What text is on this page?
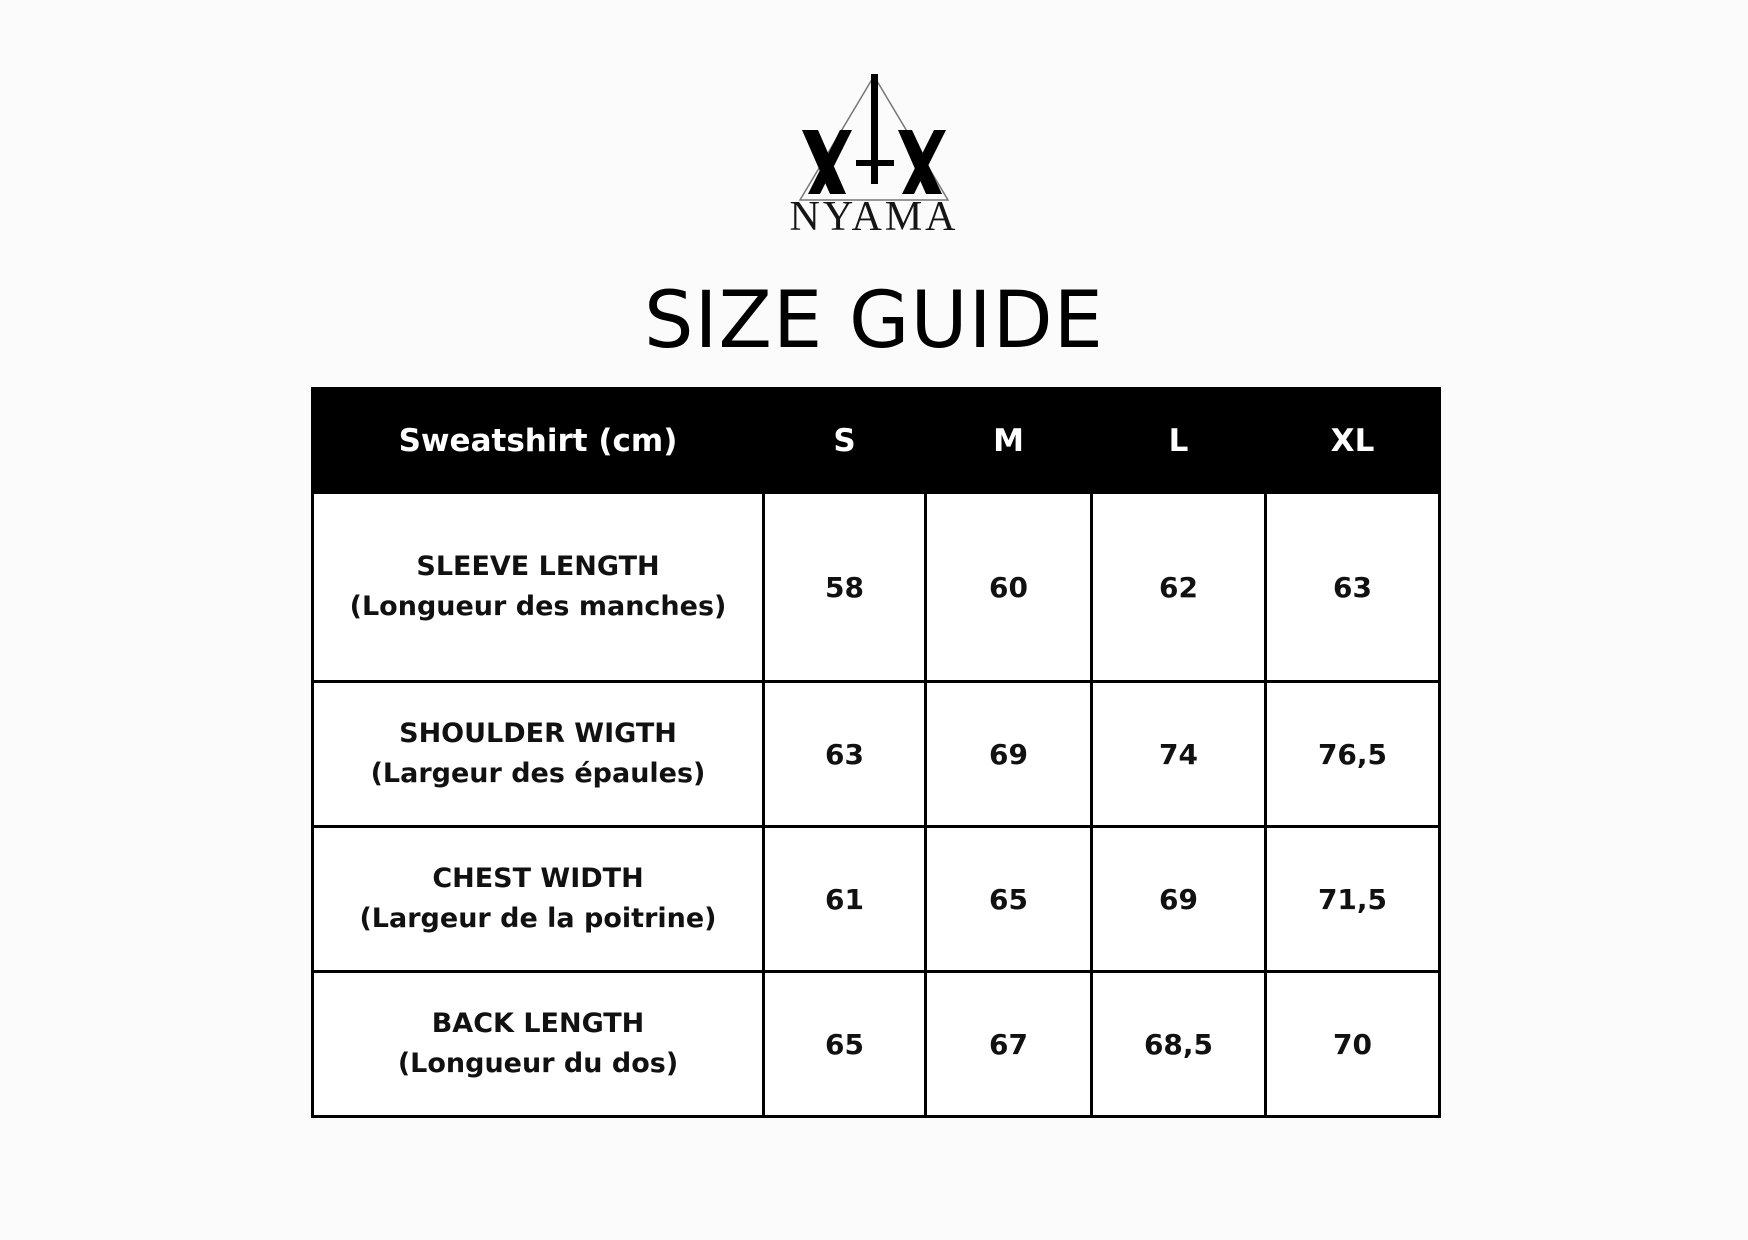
NYAMA
SIZE GUIDE
Sweatshirt (cm)	S	M	L	XL

SLEEVE LENGTH
(Longueur des manches)	58	60	62	63

SHOULDER WIGTH
(Largeur des épaules)	63	69	74	76,5

CHEST WIDTH
(Largeur de la poitrine)	61	65	69	71,5

BACK LENGTH
(Longueur du dos)	65	67	68,5	70
